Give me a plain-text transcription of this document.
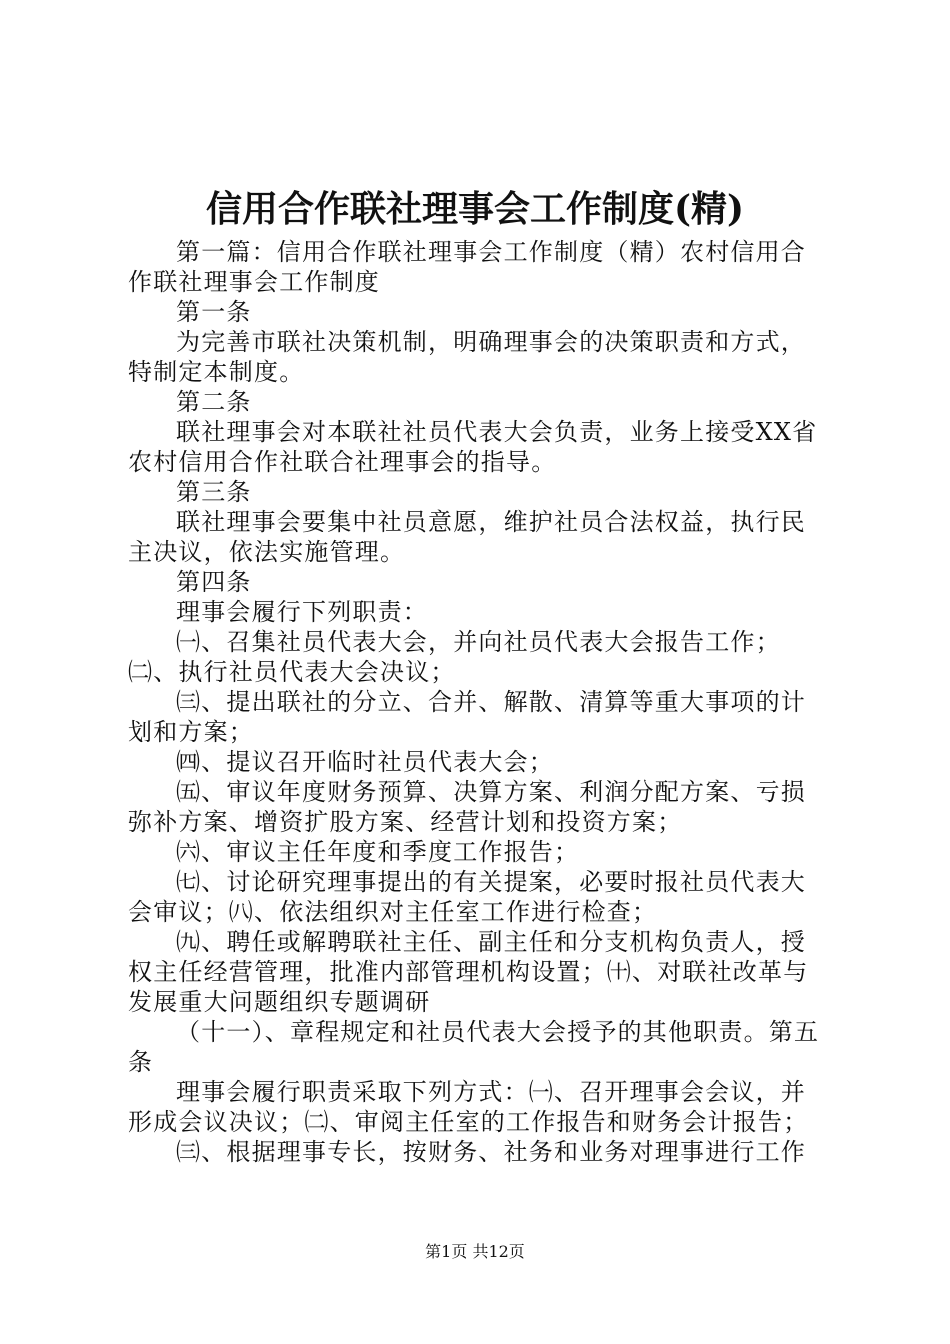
信用合作联社理事会工作制度(精)

第一篇：信用合作联社理事会工作制度（精）农村信用合作联社理事会工作制度

第一条

为完善市联社决策机制，明确理事会的决策职责和方式，特制定本制度。

第二条

联社理事会对本联社社员代表大会负责，业务上接受XX省农村信用合作社联合社理事会的指导。

第三条

联社理事会要集中社员意愿，维护社员合法权益，执行民主决议，依法实施管理。

第四条

理事会履行下列职责：

㈠、召集社员代表大会，并向社员代表大会报告工作；㈡、执行社员代表大会决议；

㈢、提出联社的分立、合并、解散、清算等重大事项的计划和方案；

㈣、提议召开临时社员代表大会；

㈤、审议年度财务预算、决算方案、利润分配方案、亏损弥补方案、增资扩股方案、经营计划和投资方案；

㈥、审议主任年度和季度工作报告；

㈦、讨论研究理事提出的有关提案，必要时报社员代表大会审议；㈧、依法组织对主任室工作进行检查；

㈨、聘任或解聘联社主任、副主任和分支机构负责人，授权主任经营管理，批准内部管理机构设置；㈩、对联社改革与发展重大问题组织专题调研

（十一）、章程规定和社员代表大会授予的其他职责。第五条

理事会履行职责采取下列方式：㈠、召开理事会会议，并形成会议决议；㈡、审阅主任室的工作报告和财务会计报告；

㈢、根据理事专长，按财务、社务和业务对理事进行工作

第1页 共12页
